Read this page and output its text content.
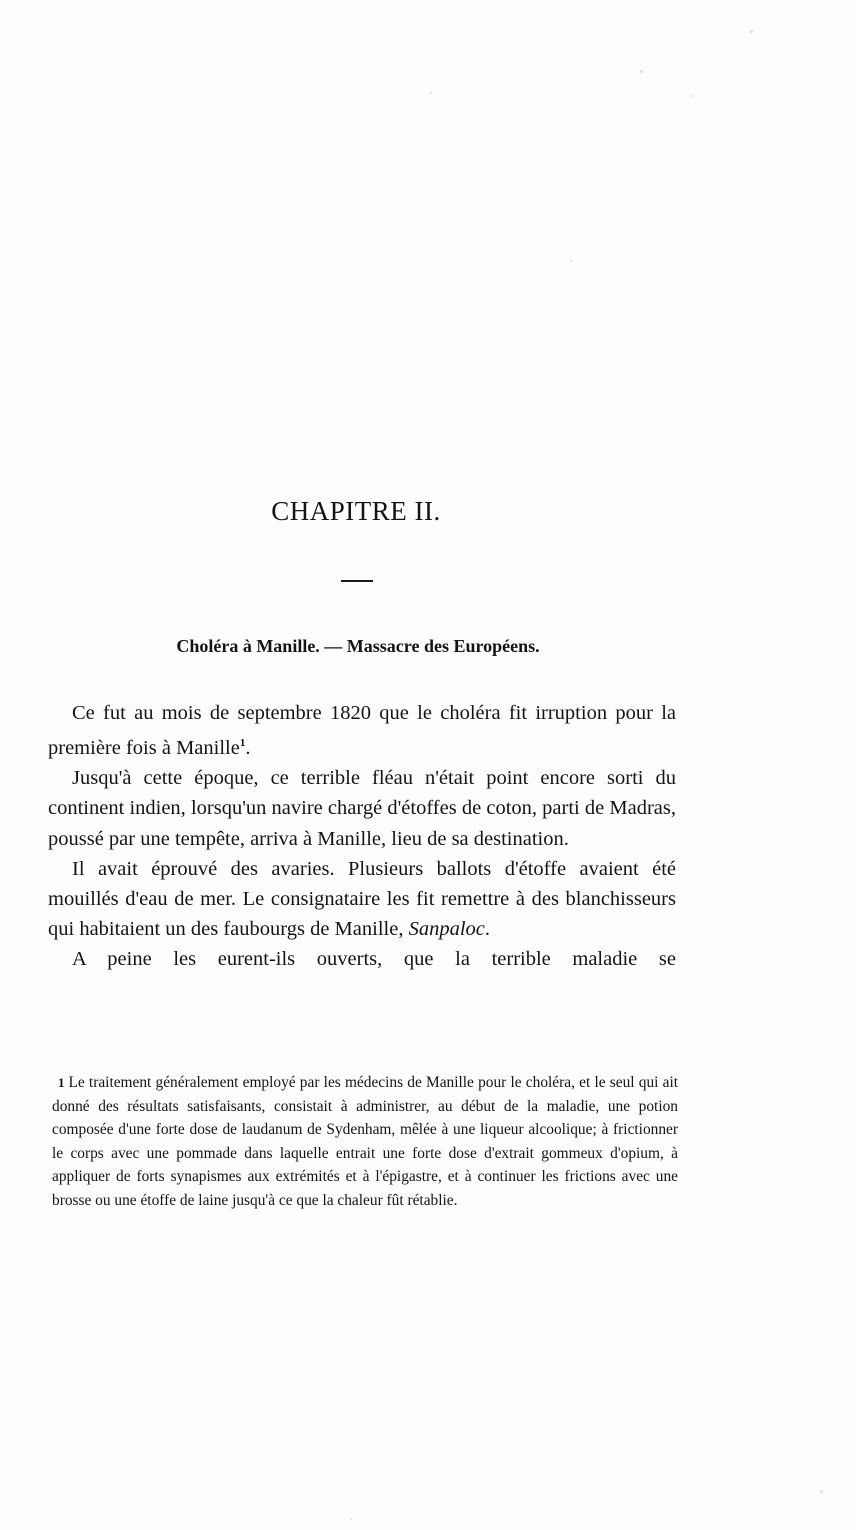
CHAPITRE II.
Choléra à Manille. — Massacre des Européens.

Ce fut au mois de septembre 1820 que le choléra fit irruption pour la première fois à Manille$^1$.

Jusqu'à cette époque, ce terrible fléau n'était point encore sorti du continent indien, lorsqu'un navire chargé d'étoffes de coton, parti de Madras, poussé par une tempête, arriva à Manille, lieu de sa destination.

Il avait éprouvé des avaries. Plusieurs ballots d'étoffe avaient été mouillés d'eau de mer. Le consignataire les fit remettre à des blanchisseurs qui habitaient un des faubourgs de Manille, Sanpaloc.

A peine les eurent-ils ouverts, que la terrible maladie se

1 Le traitement généralement employé par les médecins de Manille pour le choléra, et le seul qui ait donné des résultats satisfaisants, consistait à administrer, au début de la maladie, une potion composée d'une forte dose de laudanum de Sydenham, mêlée à une liqueur alcoolique; à frictionner le corps avec une pommade dans laquelle entrait une forte dose d'extrait gommeux d'opium, à appliquer de forts synapismes aux extrémités et à l'épigastre, et à continuer les frictions avec une brosse ou une étoffe de laine jusqu'à ce que la chaleur fût rétablie.
